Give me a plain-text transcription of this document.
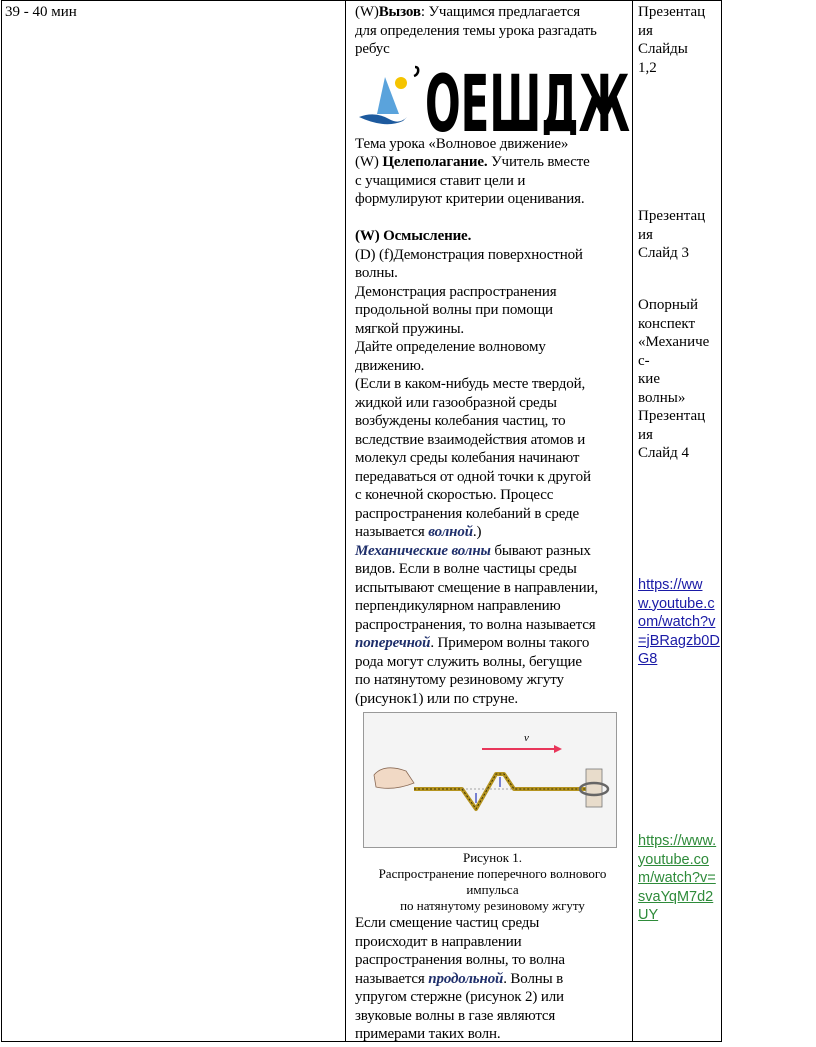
39 - 40 мин	(W)Вызов: Учащимся предлагается
для определения темы урока разгадать
ребус
ОЕШДЖ
Тема урока «Волновое движение»
(W) Целеполагание. Учитель вместе
с учащимися ставит цели и
формулируют критерии оценивания.
(W) Осмысление.
(D) (f)Демонстрация поверхностной
волны.
Демонстрация распространения
продольной волны при помощи
мягкой пружины.
Дайте определение волновому
движению.
(Если в каком-нибудь месте твердой,
жидкой или газообразной среды
возбуждены колебания частиц, то
вследствие взаимодействия атомов и
молекул среды колебания начинают
передаваться от одной точки к другой
с конечной скоростью. Процесс
распространения колебаний в среде
называется волной.)
Механические волны бывают разных
видов. Если в волне частицы среды
испытывают смещение в направлении,
перпендикулярном направлению
распространения, то волна называется
поперечной. Примером волны такого
рода могут служить волны, бегущие
по натянутому резиновому жгуту
(рисунок1) или по струне.
v⃗
Рисунок 1.
Распространение поперечного волнового
импульса
по натянутому резиновому жгуту
Если смещение частиц среды
происходит в направлении
распространения волны, то волна
называется продольной. Волны в
упругом стержне (рисунок 2) или
звуковые волны в газе являются
примерами таких волн.
Презентац
ия
Слайды
1,2
Презентац
ия
Слайд 3
Опорный
конспект
«Механиче
с-
кие
волны»
Презентац
ия
Слайд 4
https://ww
w.youtube.c
om/watch?v
=jBRagzb0D
G8
https://www.
youtube.co
m/watch?v=
svaYqM7d2
UY
